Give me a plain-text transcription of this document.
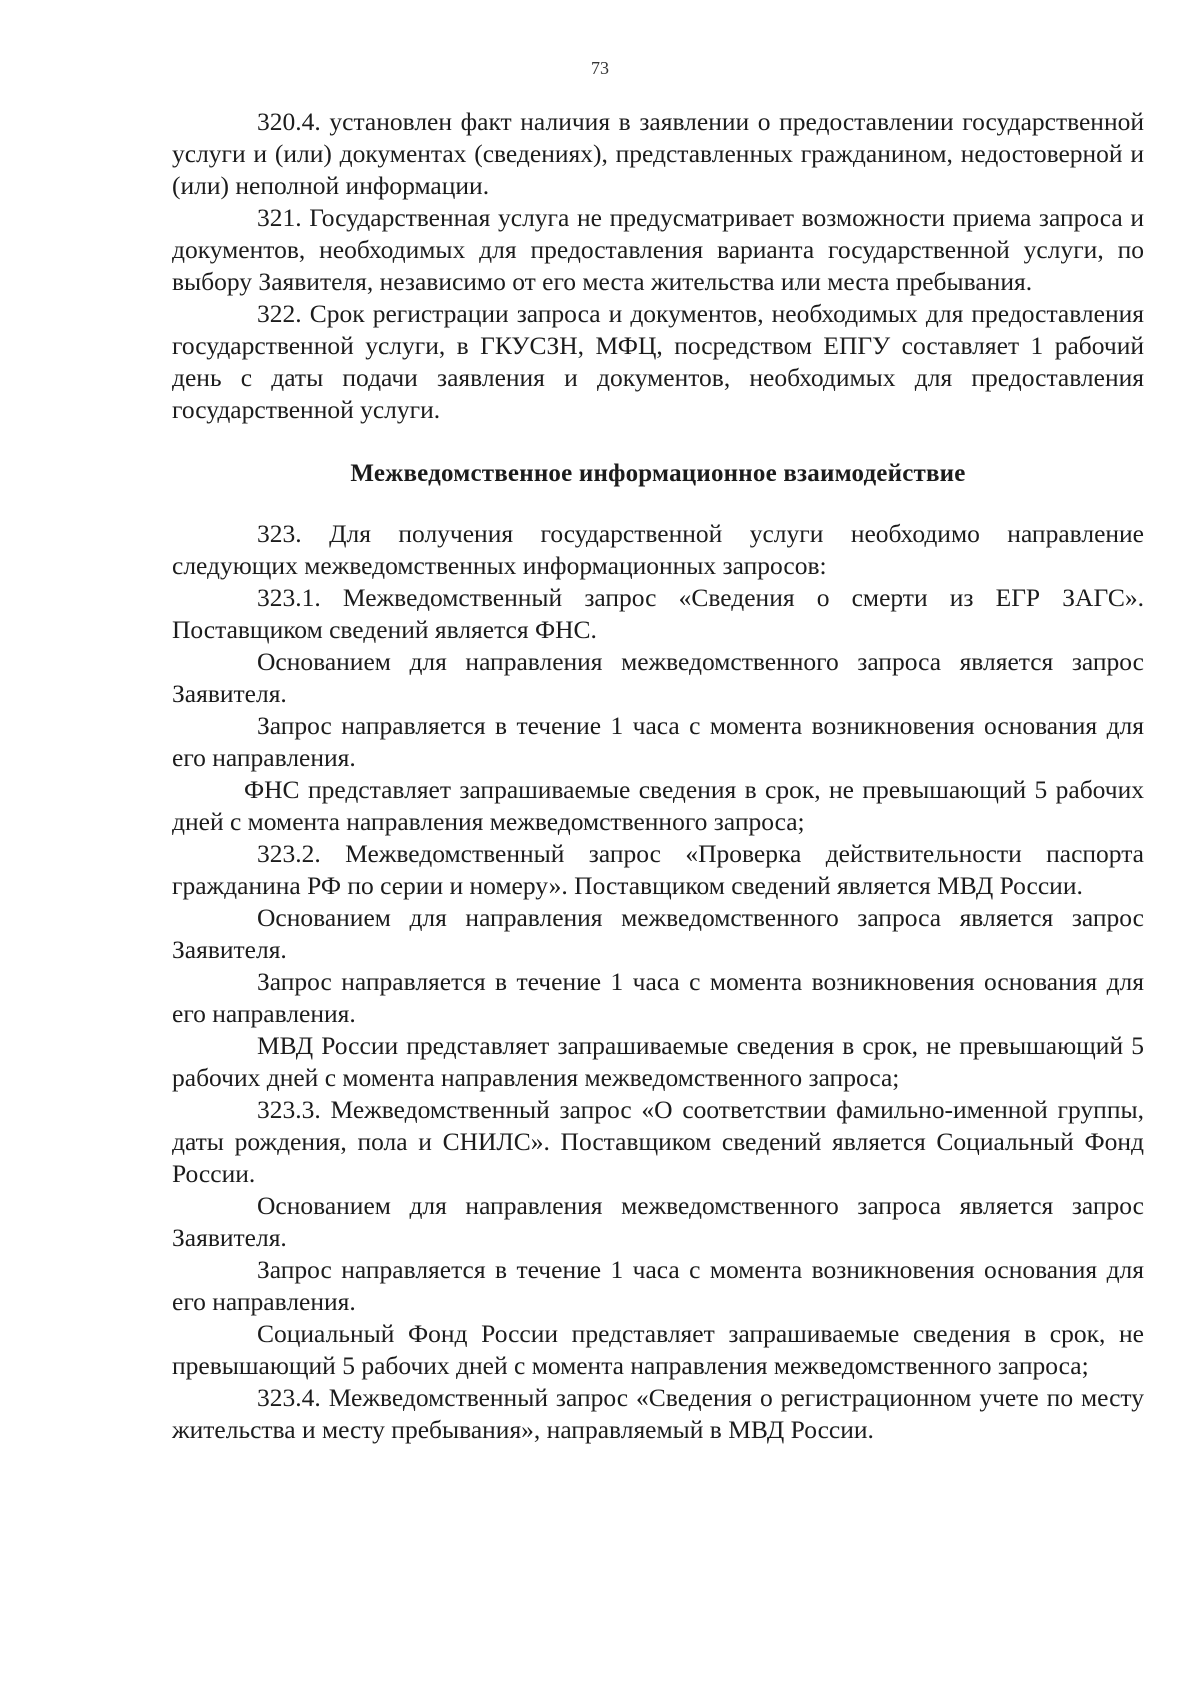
73

320.4. установлен факт наличия в заявлении о предоставлении государственной услуги и (или) документах (сведениях), представленных гражданином, недостоверной и (или) неполной информации.

321. Государственная услуга не предусматривает возможности приема запроса и документов, необходимых для предоставления варианта государственной услуги, по выбору Заявителя, независимо от его места жительства или места пребывания.

322. Срок регистрации запроса и документов, необходимых для предоставления государственной услуги, в ГКУСЗН, МФЦ, посредством ЕПГУ составляет 1 рабочий день с даты подачи заявления и документов, необходимых для предоставления государственной услуги.

Межведомственное информационное взаимодействие

323. Для получения государственной услуги необходимо направление следующих межведомственных информационных запросов:

323.1. Межведомственный запрос «Сведения о смерти из ЕГР ЗАГС». Поставщиком сведений является ФНС.

Основанием для направления межведомственного запроса является запрос Заявителя.

Запрос направляется в течение 1 часа с момента возникновения основания для его направления.

ФНС представляет запрашиваемые сведения в срок, не превышающий 5 рабочих дней с момента направления межведомственного запроса;

323.2. Межведомственный запрос «Проверка действительности паспорта гражданина РФ по серии и номеру». Поставщиком сведений является МВД России.

Основанием для направления межведомственного запроса является запрос Заявителя.

Запрос направляется в течение 1 часа с момента возникновения основания для его направления.

МВД России представляет запрашиваемые сведения в срок, не превышающий 5 рабочих дней с момента направления межведомственного запроса;

323.3. Межведомственный запрос «О соответствии фамильно-именной группы, даты рождения, пола и СНИЛС». Поставщиком сведений является Социальный Фонд России.

Основанием для направления межведомственного запроса является запрос Заявителя.

Запрос направляется в течение 1 часа с момента возникновения основания для его направления.

Социальный Фонд России представляет запрашиваемые сведения в срок, не превышающий 5 рабочих дней с момента направления межведомственного запроса;

323.4. Межведомственный запрос «Сведения о регистрационном учете по месту жительства и месту пребывания», направляемый в МВД России.
